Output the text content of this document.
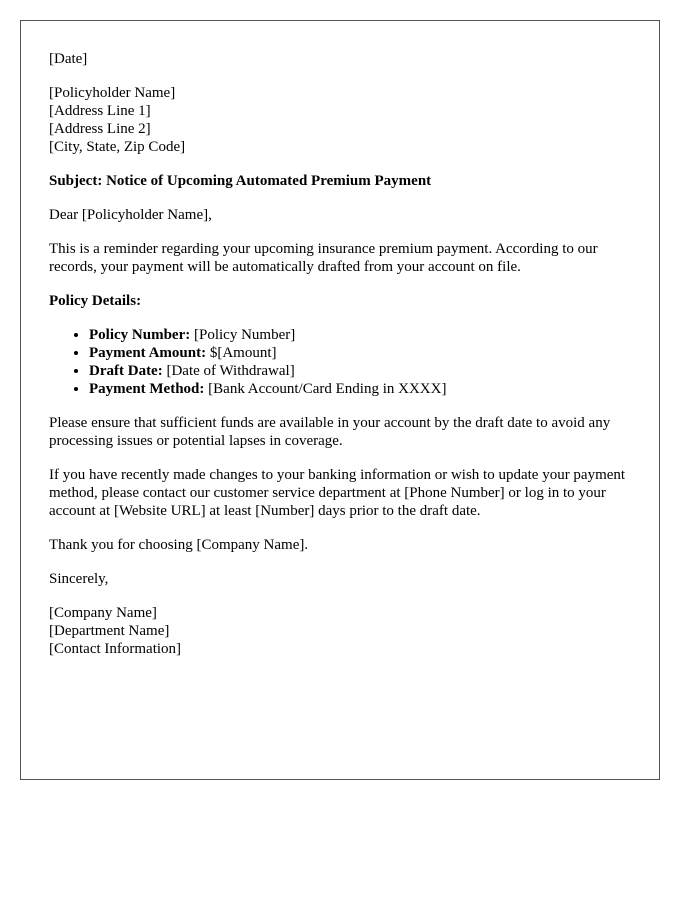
[Date]

[Policyholder Name]
[Address Line 1]
[Address Line 2]
[City, State, Zip Code]

Subject: Notice of Upcoming Automated Premium Payment

Dear [Policyholder Name],

This is a reminder regarding your upcoming insurance premium payment. According to our records, your payment will be automatically drafted from your account on file.

Policy Details:

• Policy Number: [Policy Number]
• Payment Amount: $[Amount]
• Draft Date: [Date of Withdrawal]
• Payment Method: [Bank Account/Card Ending in XXXX]

Please ensure that sufficient funds are available in your account by the draft date to avoid any processing issues or potential lapses in coverage.

If you have recently made changes to your banking information or wish to update your payment method, please contact our customer service department at [Phone Number] or log in to your account at [Website URL] at least [Number] days prior to the draft date.

Thank you for choosing [Company Name].

Sincerely,

[Company Name]
[Department Name]
[Contact Information]
